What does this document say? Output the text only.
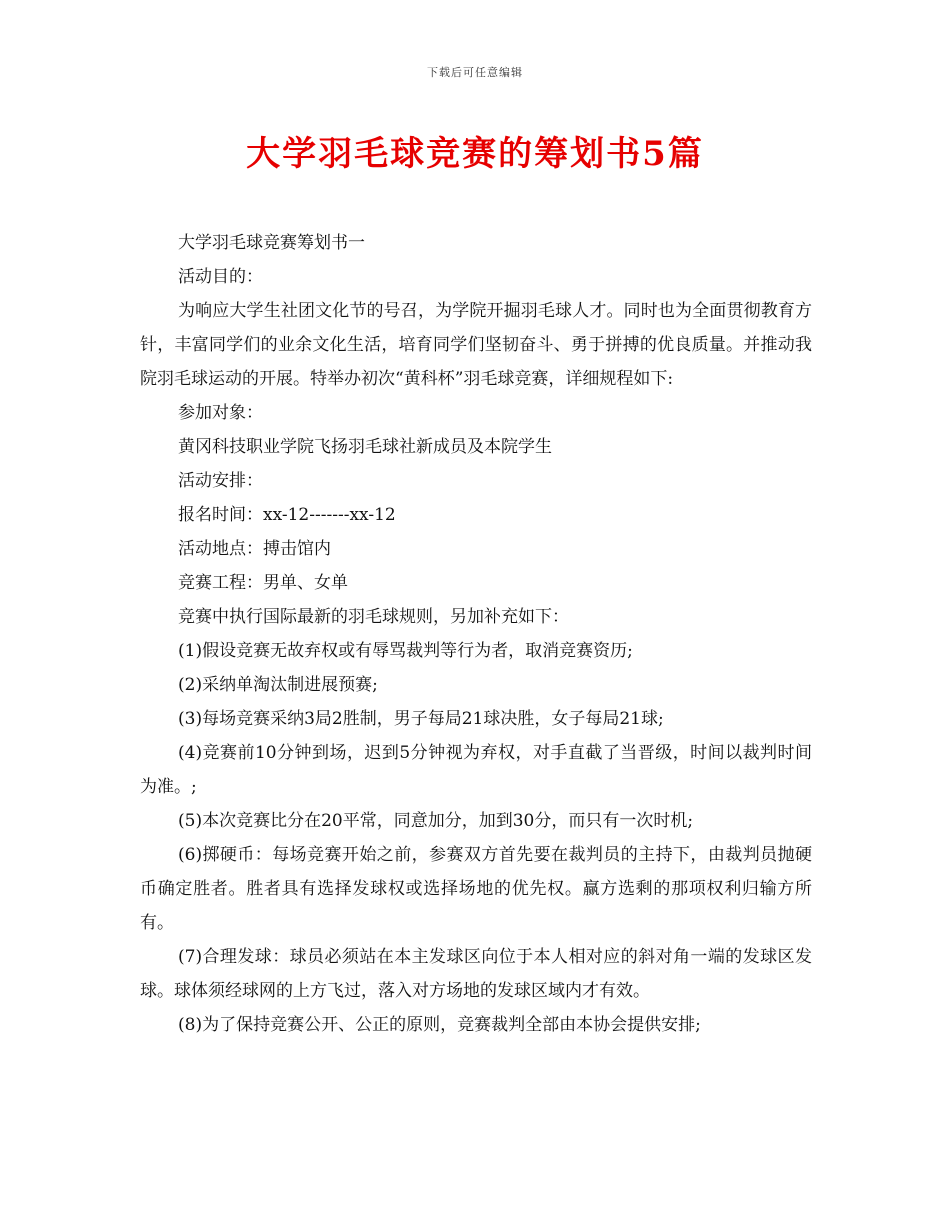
下载后可任意编辑
大学羽毛球竞赛的筹划书5篇

大学羽毛球竞赛筹划书一

活动目的：

为响应大学生社团文化节的号召，为学院开掘羽毛球人才。同时也为全面贯彻教育方针，丰富同学们的业余文化生活，培育同学们坚韧奋斗、勇于拼搏的优良质量。并推动我院羽毛球运动的开展。特举办初次“黄科杯”羽毛球竞赛，详细规程如下:

参加对象：

黄冈科技职业学院飞扬羽毛球社新成员及本院学生

活动安排：

报名时间：xx-12-------xx-12

活动地点：搏击馆内

竞赛工程：男单、女单

竞赛中执行国际最新的羽毛球规则，另加补充如下：

(1)假设竞赛无故弃权或有辱骂裁判等行为者，取消竞赛资历;

(2)采纳单淘汰制进展预赛;

(3)每场竞赛采纳3局2胜制，男子每局21球决胜，女子每局21球;

(4)竞赛前10分钟到场，迟到5分钟视为弃权，对手直截了当晋级，时间以裁判时间为准。;

(5)本次竞赛比分在20平常，同意加分，加到30分，而只有一次时机;

(6)掷硬币：每场竞赛开始之前，参赛双方首先要在裁判员的主持下，由裁判员抛硬币确定胜者。胜者具有选择发球权或选择场地的优先权。赢方选剩的那项权利归输方所有。

(7)合理发球：球员必须站在本主发球区向位于本人相对应的斜对角一端的发球区发球。球体须经球网的上方飞过，落入对方场地的发球区域内才有效。

(8)为了保持竞赛公开、公正的原则，竞赛裁判全部由本协会提供安排;
